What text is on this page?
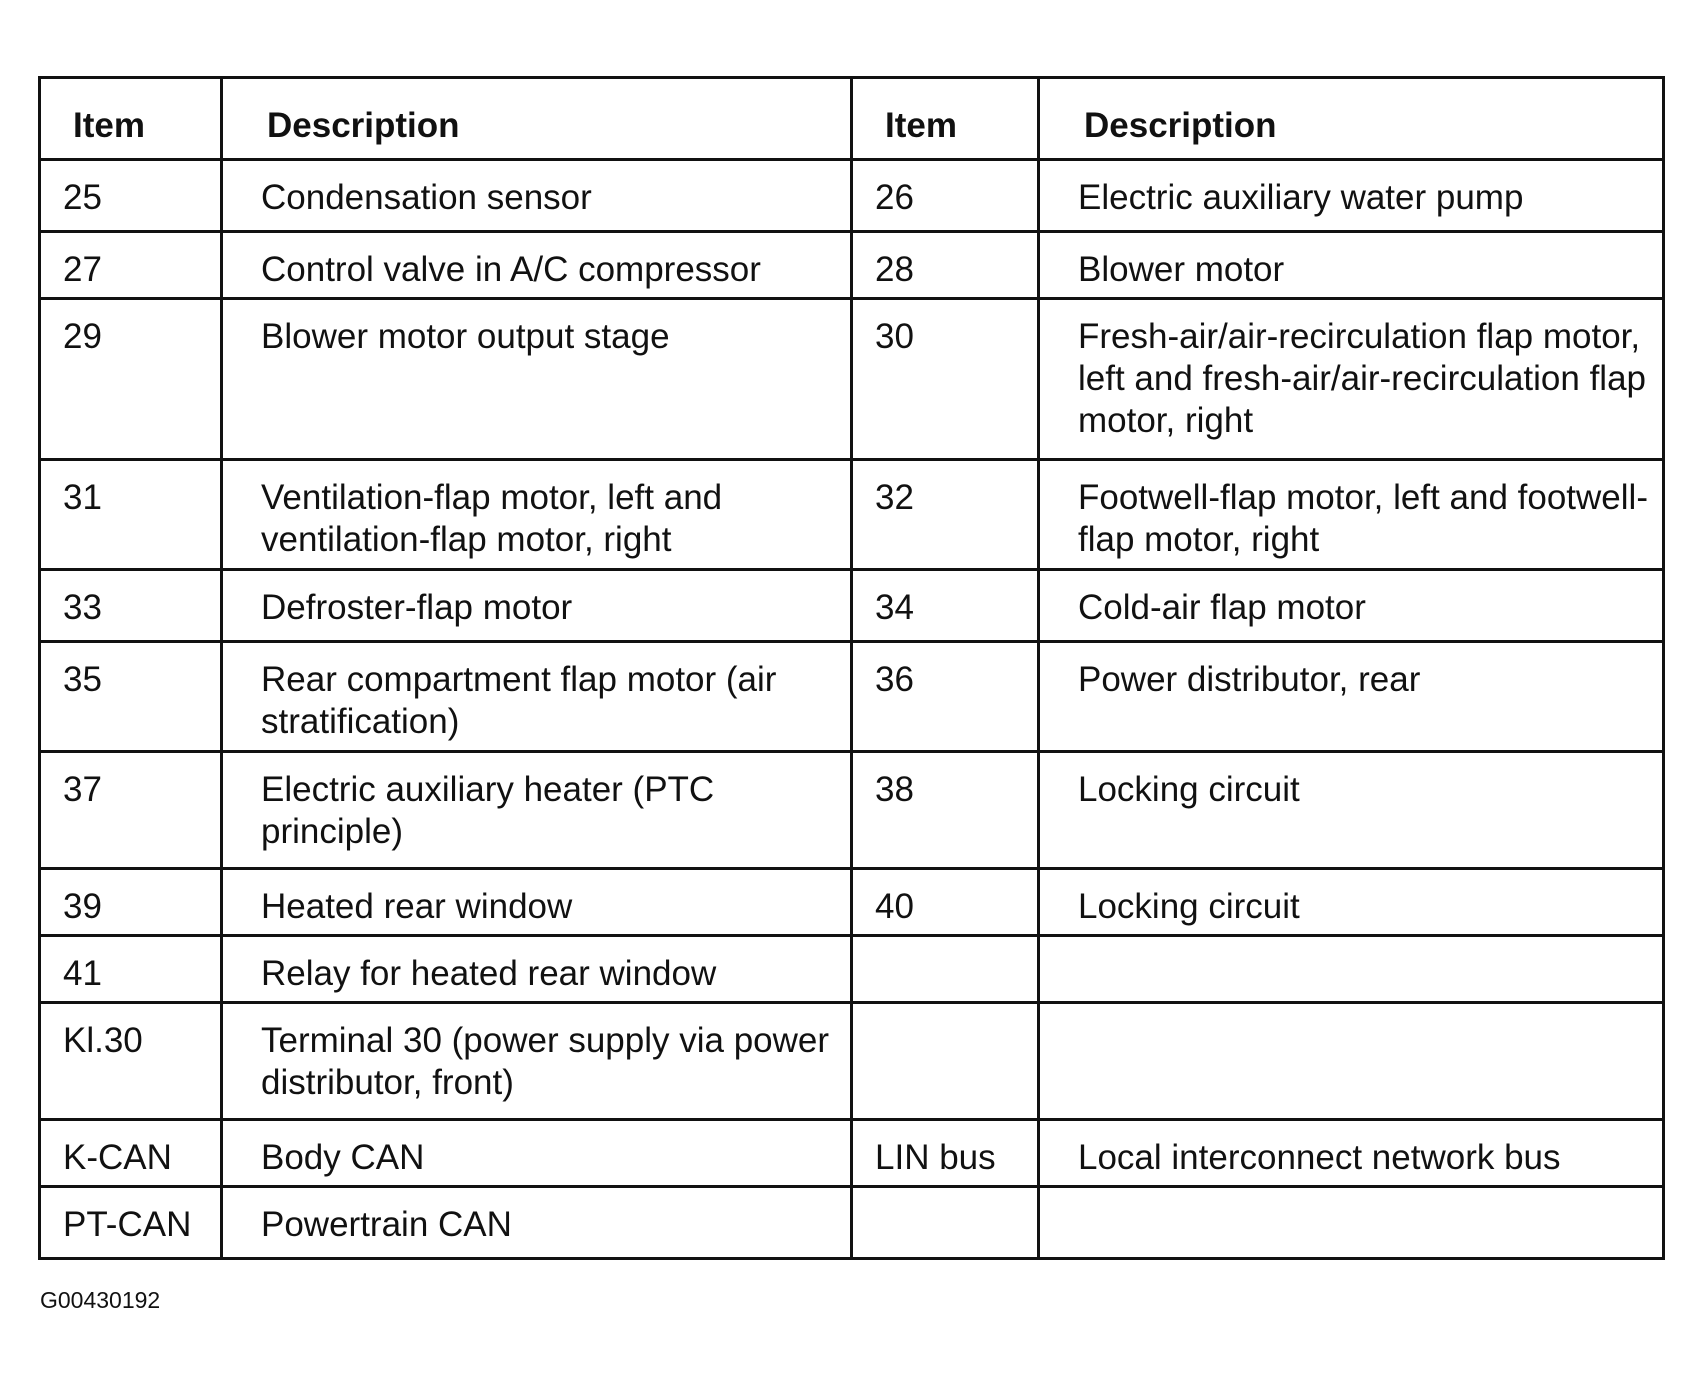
Item	Description	Item	Description
25	Condensation sensor	26	Electric auxiliary water pump
27	Control valve in A/C compressor	28	Blower motor
29	Blower motor output stage	30	Fresh-air/air-recirculation flap motor, left and fresh-air/air-recirculation flap motor, right
31	Ventilation-flap motor, left and ventilation-flap motor, right	32	Footwell-flap motor, left and footwell-flap motor, right
33	Defroster-flap motor	34	Cold-air flap motor
35	Rear compartment flap motor (air stratification)	36	Power distributor, rear
37	Electric auxiliary heater (PTC principle)	38	Locking circuit
39	Heated rear window	40	Locking circuit
41	Relay for heated rear window		
Kl.30	Terminal 30 (power supply via power distributor, front)		
K-CAN	Body CAN	LIN bus	Local interconnect network bus
PT-CAN	Powertrain CAN		
G00430192
